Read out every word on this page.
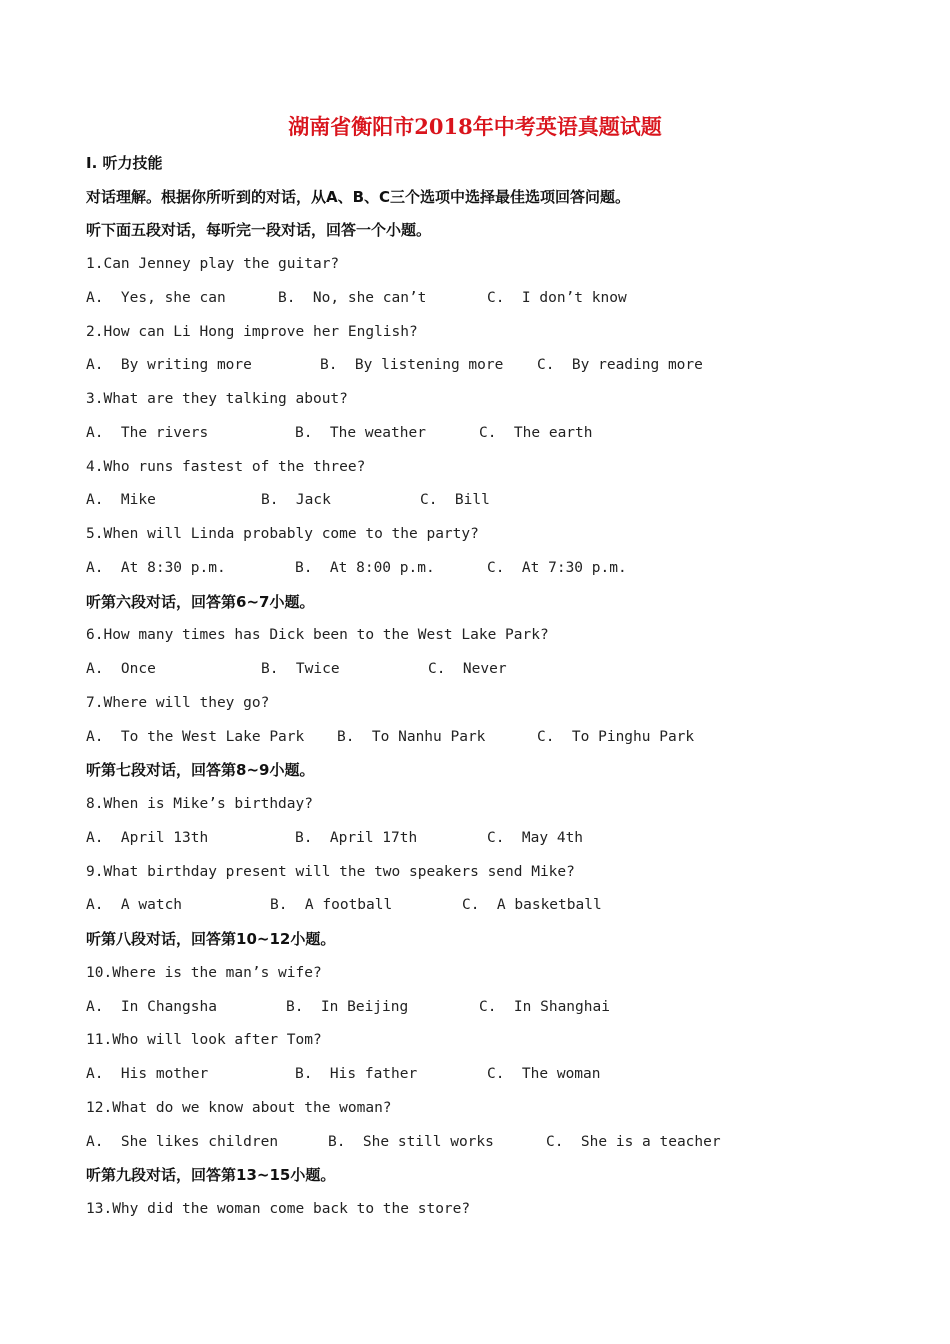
湖南省衡阳市2018年中考英语真题试题
Ⅰ. 听力技能
对话理解。根据你所听到的对话，从A、B、C三个选项中选择最佳选项回答问题。
听下面五段对话，每听完一段对话，回答一个小题。
1.Can Jenney play the guitar?
A.  Yes, she can	B.  No, she can’t	C.  I don’t know
2.How can Li Hong improve her English?
A.  By writing more	B.  By listening more C.  By reading more
3.What are they talking about?
A.  The rivers	B.  The weather	C.  The earth
4.Who runs fastest of the three?
A.  Mike	B.  Jack	C.  Bill
5.When will Linda probably come to the party?
A.  At 8:30 p.m.	B.  At 8:00 p.m.	C.  At 7:30 p.m.
听第六段对话，回答第6~7小题。
6.How many times has Dick been to the West Lake Park?
A.  Once	B.  Twice	C.  Never
7.Where will they go?
A.  To the West Lake Park B.  To Nanhu Park	C.  To Pinghu Park
听第七段对话，回答第8~9小题。
8.When is Mike’s birthday?
A.  April 13th	B.  April 17th	C.  May 4th
9.What birthday present will the two speakers send Mike?
A.  A watch	B.  A football	C.  A basketball
听第八段对话，回答第10~12小题。
10.Where is the man’s wife?
A.  In Changsha	B.  In Beijing	C.  In Shanghai
11.Who will look after Tom?
A.  His mother	B.  His father	C.  The woman
12.What do we know about the woman?
A.  She likes children	B.  She still works	C.  She is a teacher
听第九段对话，回答第13~15小题。
13.Why did the woman come back to the store?
